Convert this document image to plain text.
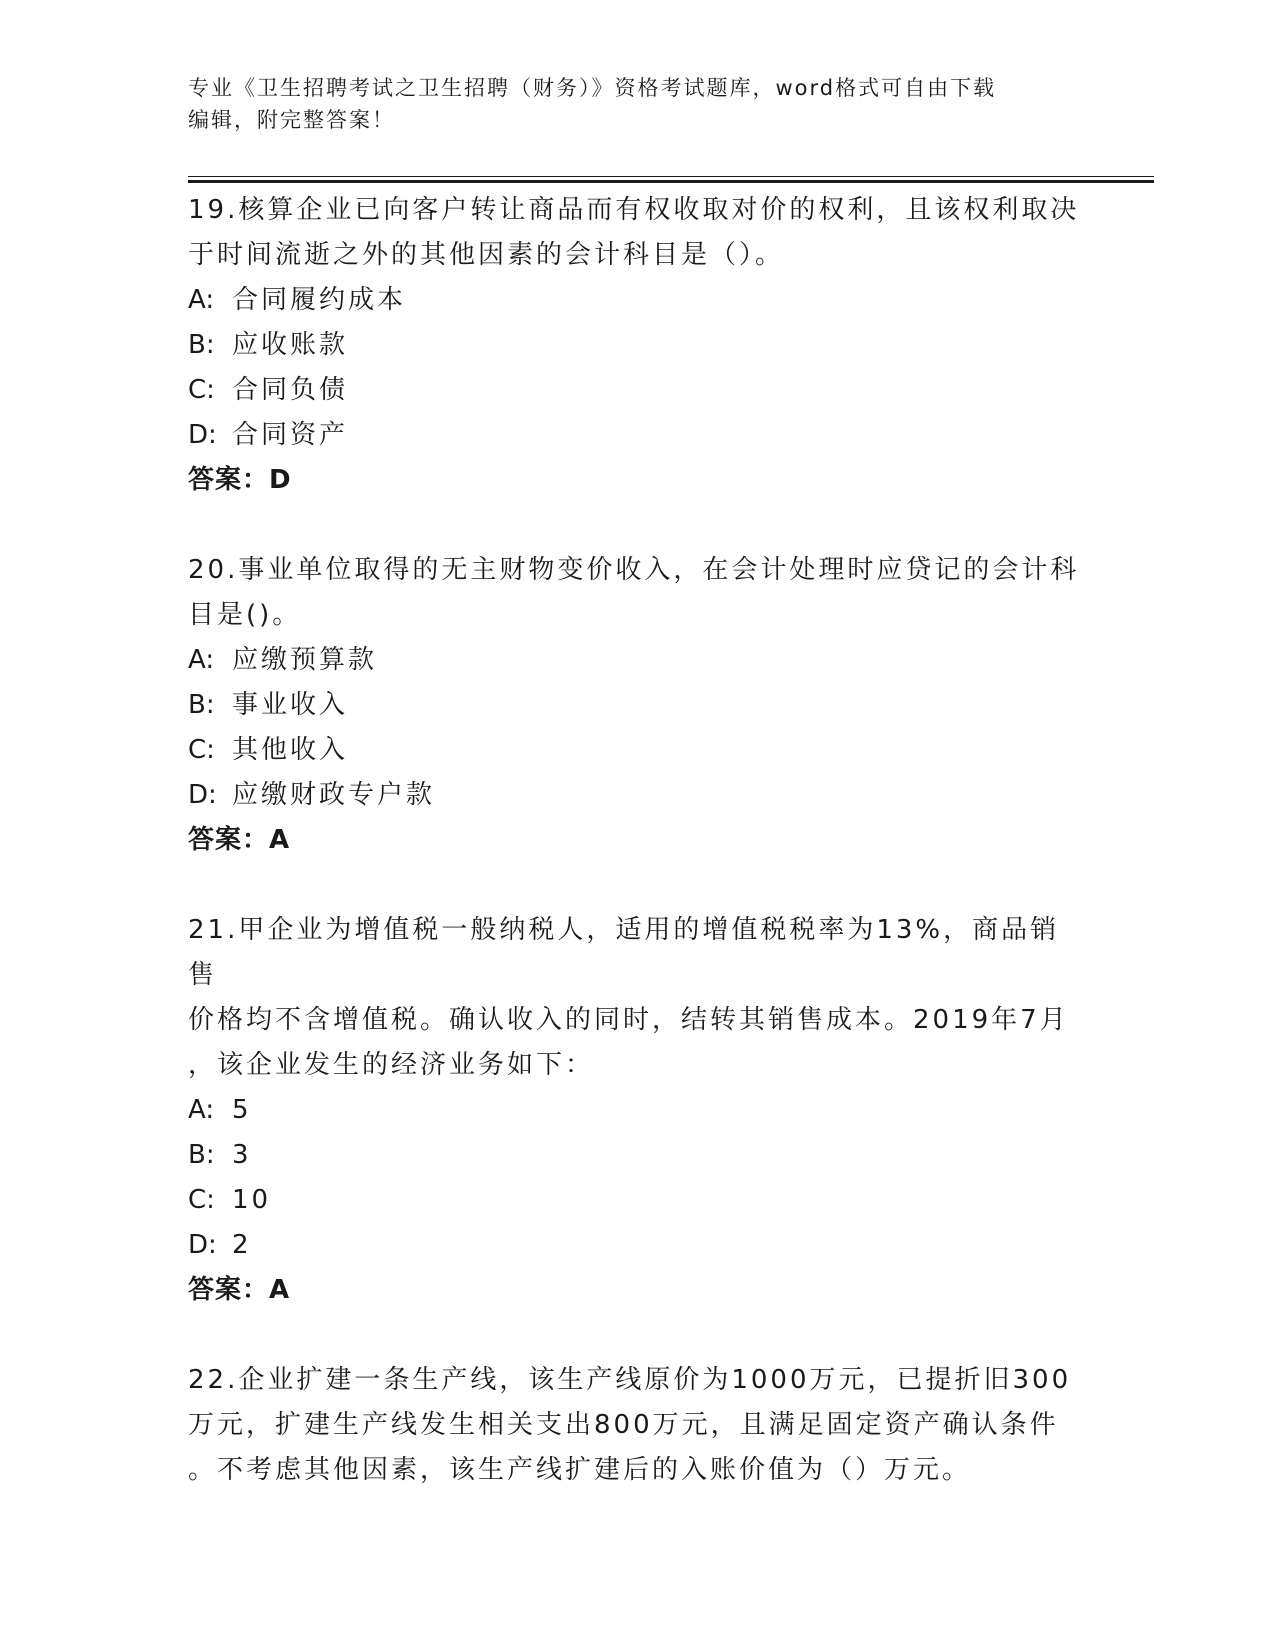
专业《卫生招聘考试之卫生招聘（财务）》资格考试题库，word格式可自由下载
编辑，附完整答案！

19.核算企业已向客户转让商品而有权收取对价的权利，且该权利取决
于时间流逝之外的其他因素的会计科目是（）。

A: 合同履约成本

B: 应收账款

C: 合同负债

D: 合同资产

答案：D

20.事业单位取得的无主财物变价收入，在会计处理时应贷记的会计科
目是()。

A: 应缴预算款

B: 事业收入

C: 其他收入

D: 应缴财政专户款

答案：A

21.甲企业为增值税一般纳税人，适用的增值税税率为13%，商品销售
价格均不含增值税。确认收入的同时，结转其销售成本。2019年7月
，该企业发生的经济业务如下：

A: 5

B: 3

C: 10

D: 2

答案：A

22.企业扩建一条生产线，该生产线原价为1000万元，已提折旧300
万元，扩建生产线发生相关支出800万元，且满足固定资产确认条件
。不考虑其他因素，该生产线扩建后的入账价值为（）万元。
